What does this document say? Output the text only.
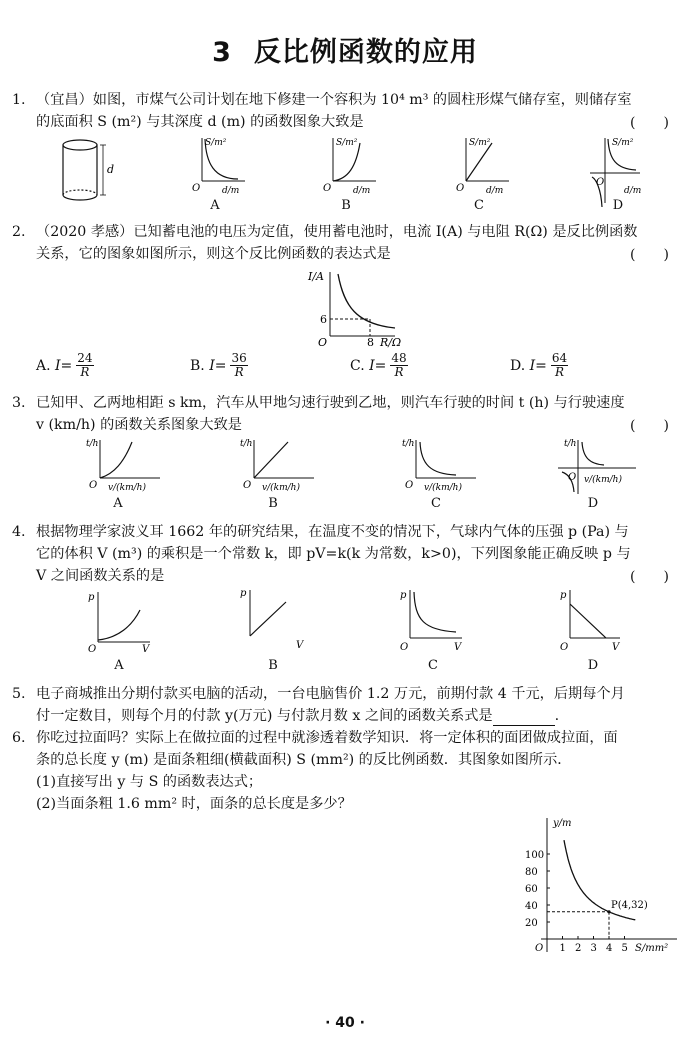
3 反比例函数的应用
1. （宜昌）如图，市煤气公司计划在地下修建一个容积为 10⁴ m³ 的圆柱形煤气储存室，则储存室
的底面积 S (m²) 与其深度 d (m) 的函数图象大致是	(　　)
d
S/m²
O d/m
S/m²
O d/m
S/m²
O d/m
S/m²
O
d/m
A	B	C	D
2. （2020 孝感）已知蓄电池的电压为定值，使用蓄电池时，电流 I(A) 与电阻 R(Ω) 是反比例函数
关系，它的图象如图所示，则这个反比例函数的表达式是	(　　)
I/A
6
O	8 R/Ω
A.
$I= \frac{24}{R}$	B.
$I= \frac{36}{R}$	C.
$I= \frac{48}{R}$	D.
$I= \frac{64}{R}$
3. 已知甲、乙两地相距 s km，汽车从甲地匀速行驶到乙地，则汽车行驶的时间 t (h) 与行驶速度
v (km/h) 的函数关系图象大致是	(　　)
t/h
O v/(km/h)
t/h
O v/(km/h)
t/h
O v/(km/h)
t/h
O v/(km/h)
A	B	C	D
4. 根据物理学家波义耳 1662 年的研究结果，在温度不变的情况下，气球内气体的压强 p (Pa) 与
它的体积 V (m³) 的乘积是一个常数 k，即 pV=k(k 为常数，k>0)，下列图象能正确反映 p 与
V 之间函数关系的是	(　　)
p
O	V
p
V
p
O	V
p
O	V
A	B	C	D
5. 电子商城推出分期付款买电脑的活动，一台电脑售价 1.2 万元，前期付款 4 千元，后期每个月
付一定数目，则每个月的付款 y(万元) 与付款月数 x 之间的函数关系式是	.
6. 你吃过拉面吗？实际上在做拉面的过程中就渗透着数学知识．将一定体积的面团做成拉面，面
条的总长度 y (m) 是面条粗细(横截面积) S (mm²) 的反比例函数．其图象如图所示．
(1)直接写出 y 与 S 的函数表达式；
(2)当面条粗 1.6 mm² 时，面条的总长度是多少？
1 2 3 4 5
20
40
60
80
100
y/m
S/mm²
O
P(4,32)
· 40 ·
